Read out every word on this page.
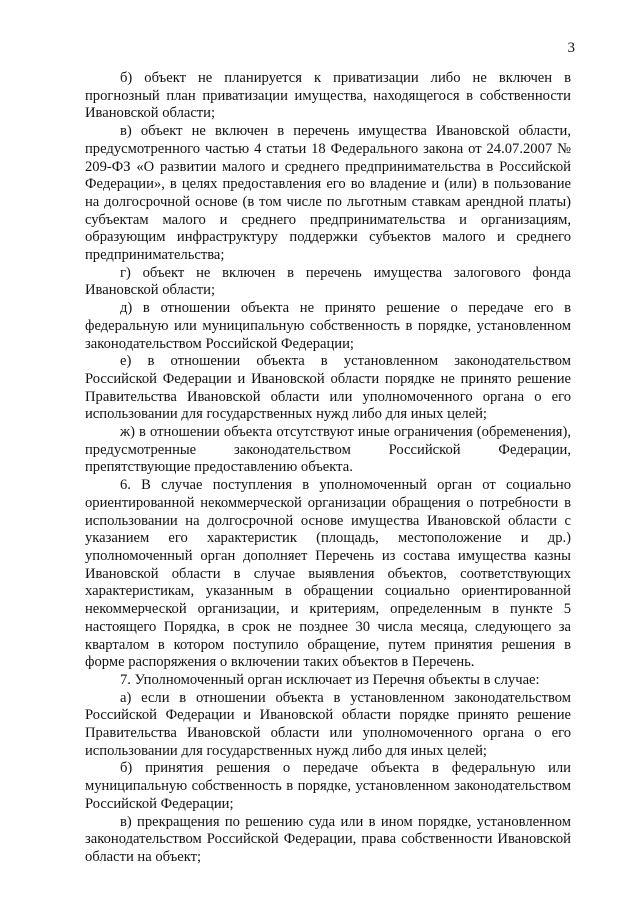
3

б) объект не планируется к приватизации либо не включен в прогнозный план приватизации имущества, находящегося в собственности Ивановской области;

в) объект не включен в перечень имущества Ивановской области, предусмотренного частью 4 статьи 18 Федерального закона от 24.07.2007 № 209-ФЗ «О развитии малого и среднего предпринимательства в Российской Федерации», в целях предоставления его во владение и (или) в пользование на долгосрочной основе (в том числе по льготным ставкам арендной платы) субъектам малого и среднего предпринимательства и организациям, образующим инфраструктуру поддержки субъектов малого и среднего предпринимательства;

г) объект не включен в перечень имущества залогового фонда Ивановской области;

д) в отношении объекта не принято решение о передаче его в федеральную или муниципальную собственность в порядке, установленном законодательством Российской Федерации;

е) в отношении объекта в установленном законодательством Российской Федерации и Ивановской области порядке не принято решение Правительства Ивановской области или уполномоченного органа о его использовании для государственных нужд либо для иных целей;

ж) в отношении объекта отсутствуют иные ограничения (обременения), предусмотренные законодательством Российской Федерации, препятствующие предоставлению объекта.

6. В случае поступления в уполномоченный орган от социально ориентированной некоммерческой организации обращения о потребности в использовании на долгосрочной основе имущества Ивановской области с указанием его характеристик (площадь, местоположение и др.) уполномоченный орган дополняет Перечень из состава имущества казны Ивановской области в случае выявления объектов, соответствующих характеристикам, указанным в обращении социально ориентированной некоммерческой организации, и критериям, определенным в пункте 5 настоящего Порядка, в срок не позднее 30 числа месяца, следующего за кварталом в котором поступило обращение, путем принятия решения в форме распоряжения о включении таких объектов в Перечень.

7. Уполномоченный орган исключает из Перечня объекты в случае:

а) если в отношении объекта в установленном законодательством Российской Федерации и Ивановской области порядке принято решение Правительства Ивановской области или уполномоченного органа о его использовании для государственных нужд либо для иных целей;

б) принятия решения о передаче объекта в федеральную или муниципальную собственность в порядке, установленном законодательством Российской Федерации;

в) прекращения по решению суда или в ином порядке, установленном законодательством Российской Федерации, права собственности Ивановской области на объект;
